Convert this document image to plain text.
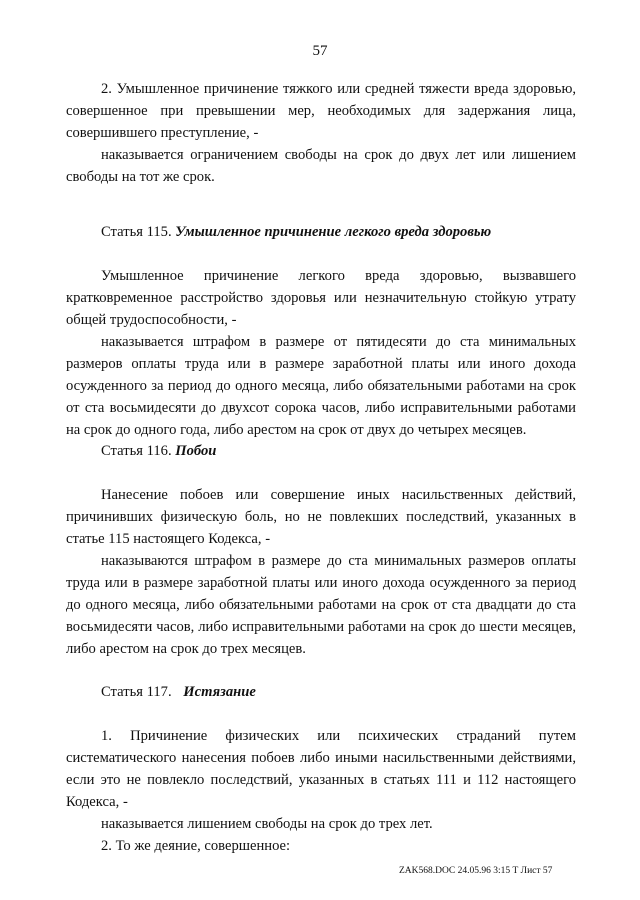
57

2. Умышленное причинение тяжкого или средней тяжести вреда здоровью, совершенное при превышении мер, необходимых для задержания лица, совершившего преступление, -

наказывается ограничением свободы на срок до двух лет или лишением свободы на тот же срок.

Статья 115. Умышленное причинение легкого вреда здоровью

Умышленное причинение легкого вреда здоровью, вызвавшего кратковременное расстройство здоровья или незначительную стойкую утрату общей трудоспособности, -

наказывается штрафом в размере от пятидесяти до ста минимальных размеров оплаты труда или в размере заработной платы или иного дохода осужденного за период до одного месяца, либо обязательными работами на срок от ста восьмидесяти до двухсот сорока часов, либо исправительными работами на срок до одного года, либо арестом на срок от двух до четырех месяцев.

Статья 116. Побои

Нанесение побоев или совершение иных насильственных действий, причинивших физическую боль, но не повлекших последствий, указанных в статье 115 настоящего Кодекса, -

наказываются штрафом в размере до ста минимальных размеров оплаты труда или в размере заработной платы или иного дохода осужденного за период до одного месяца, либо обязательными работами на срок от ста двадцати до ста восьмидесяти часов, либо исправительными работами на срок до шести месяцев, либо арестом на срок до трех месяцев.

Статья 117. Истязание

1. Причинение физических или психических страданий путем систематического нанесения побоев либо иными насильственными действиями, если это не повлекло последствий, указанных в статьях 111 и 112 настоящего Кодекса, -

наказывается лишением свободы на срок до трех лет.

2. То же деяние, совершенное:

ZAK568.DOC 24.05.96 3:15 Т Лист 57
